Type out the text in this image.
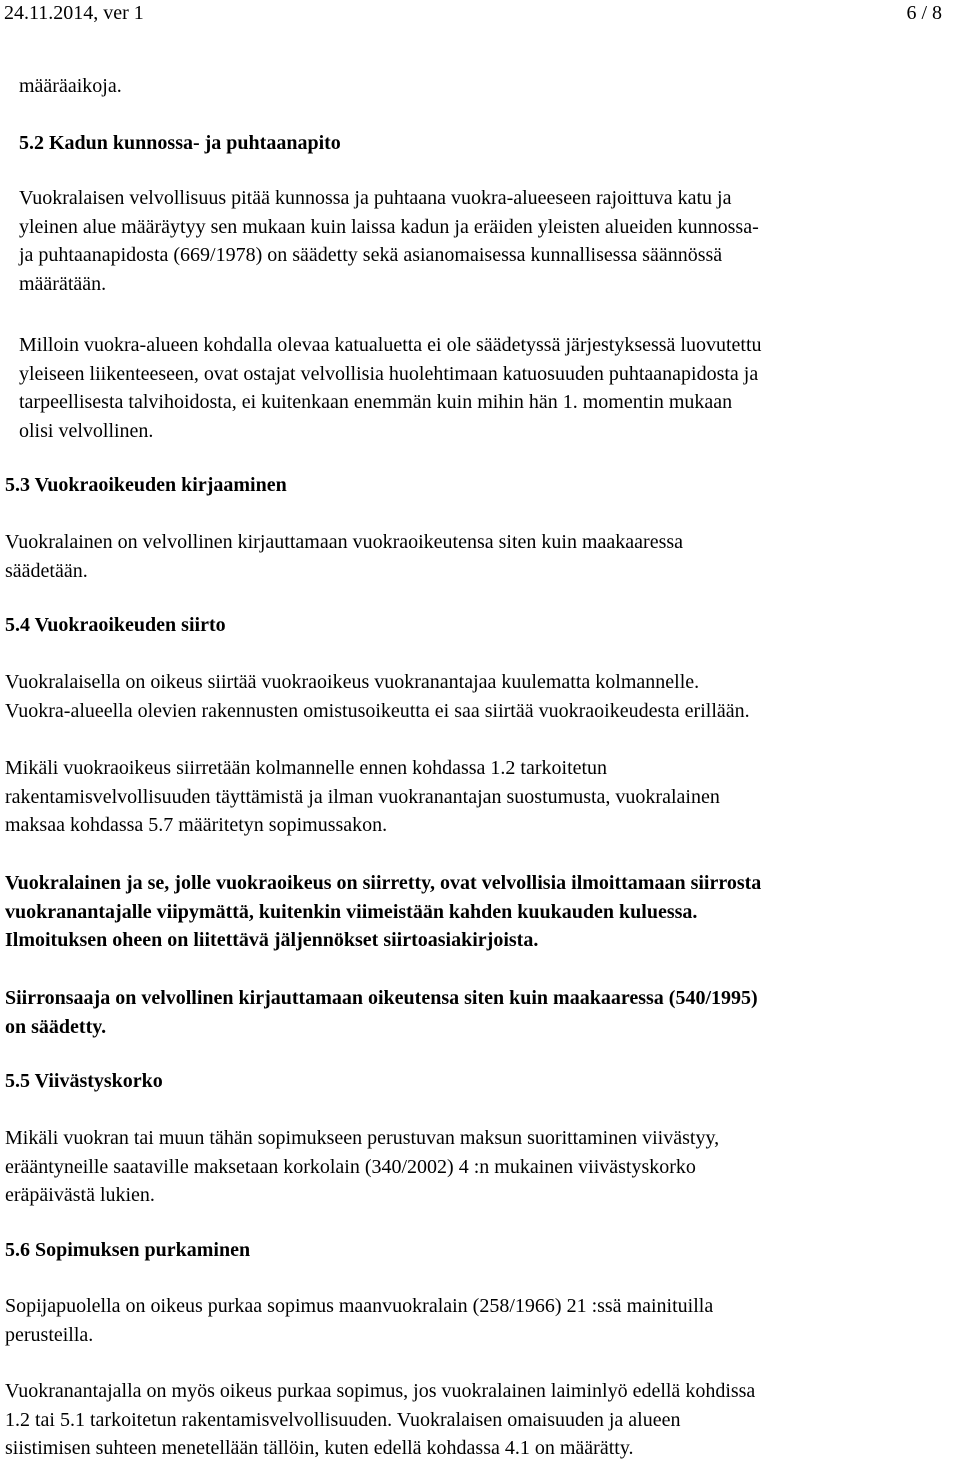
24.11.2014, ver 1	6 / 8
määräaikoja.
5.2 Kadun kunnossa- ja puhtaanapito
Vuokralaisen velvollisuus pitää kunnossa ja puhtaana vuokra-alueeseen rajoittuva katu ja
yleinen alue määräytyy sen mukaan kuin laissa kadun ja eräiden yleisten alueiden kunnossa-
ja puhtaanapidosta (669/1978) on säädetty sekä asianomaisessa kunnallisessa säännössä
määrätään.
Milloin vuokra-alueen kohdalla olevaa katualuetta ei ole säädetyssä järjestyksessä luovutettu
yleiseen liikenteeseen, ovat ostajat velvollisia huolehtimaan katuosuuden puhtaanapidosta ja
tarpeellisesta talvihoidosta, ei kuitenkaan enemmän kuin mihin hän 1. momentin mukaan
olisi velvollinen.
5.3 Vuokraoikeuden kirjaaminen
Vuokralainen on velvollinen kirjauttamaan vuokraoikeutensa siten kuin maakaaressa
säädetään.
5.4 Vuokraoikeuden siirto
Vuokralaisella on oikeus siirtää vuokraoikeus vuokranantajaa kuulematta kolmannelle.
Vuokra-alueella olevien rakennusten omistusoikeutta ei saa siirtää vuokraoikeudesta erillään.
Mikäli vuokraoikeus siirretään kolmannelle ennen kohdassa 1.2 tarkoitetun
rakentamisvelvollisuuden täyttämistä ja ilman vuokranantajan suostumusta, vuokralainen
maksaa kohdassa 5.7 määritetyn sopimussakon.
Vuokralainen ja se, jolle vuokraoikeus on siirretty, ovat velvollisia ilmoittamaan siirrosta
vuokranantajalle viipymättä, kuitenkin viimeistään kahden kuukauden kuluessa.
Ilmoituksen oheen on liitettävä jäljennökset siirtoasiakirjoista.
Siirronsaaja on velvollinen kirjauttamaan oikeutensa siten kuin maakaaressa (540/1995)
on säädetty.
5.5 Viivästyskorko
Mikäli vuokran tai muun tähän sopimukseen perustuvan maksun suorittaminen viivästyy,
erääntyneille saataville maksetaan korkolain (340/2002) 4 :n mukainen viivästyskorko
eräpäivästä lukien.
5.6 Sopimuksen purkaminen
Sopijapuolella on oikeus purkaa sopimus maanvuokralain (258/1966) 21 :ssä mainituilla
perusteilla.
Vuokranantajalla on myös oikeus purkaa sopimus, jos vuokralainen laiminlyö edellä kohdissa
1.2 tai 5.1 tarkoitetun rakentamisvelvollisuuden. Vuokralaisen omaisuuden ja alueen
siistimisen suhteen menetellään tällöin, kuten edellä kohdassa 4.1 on määrätty.
